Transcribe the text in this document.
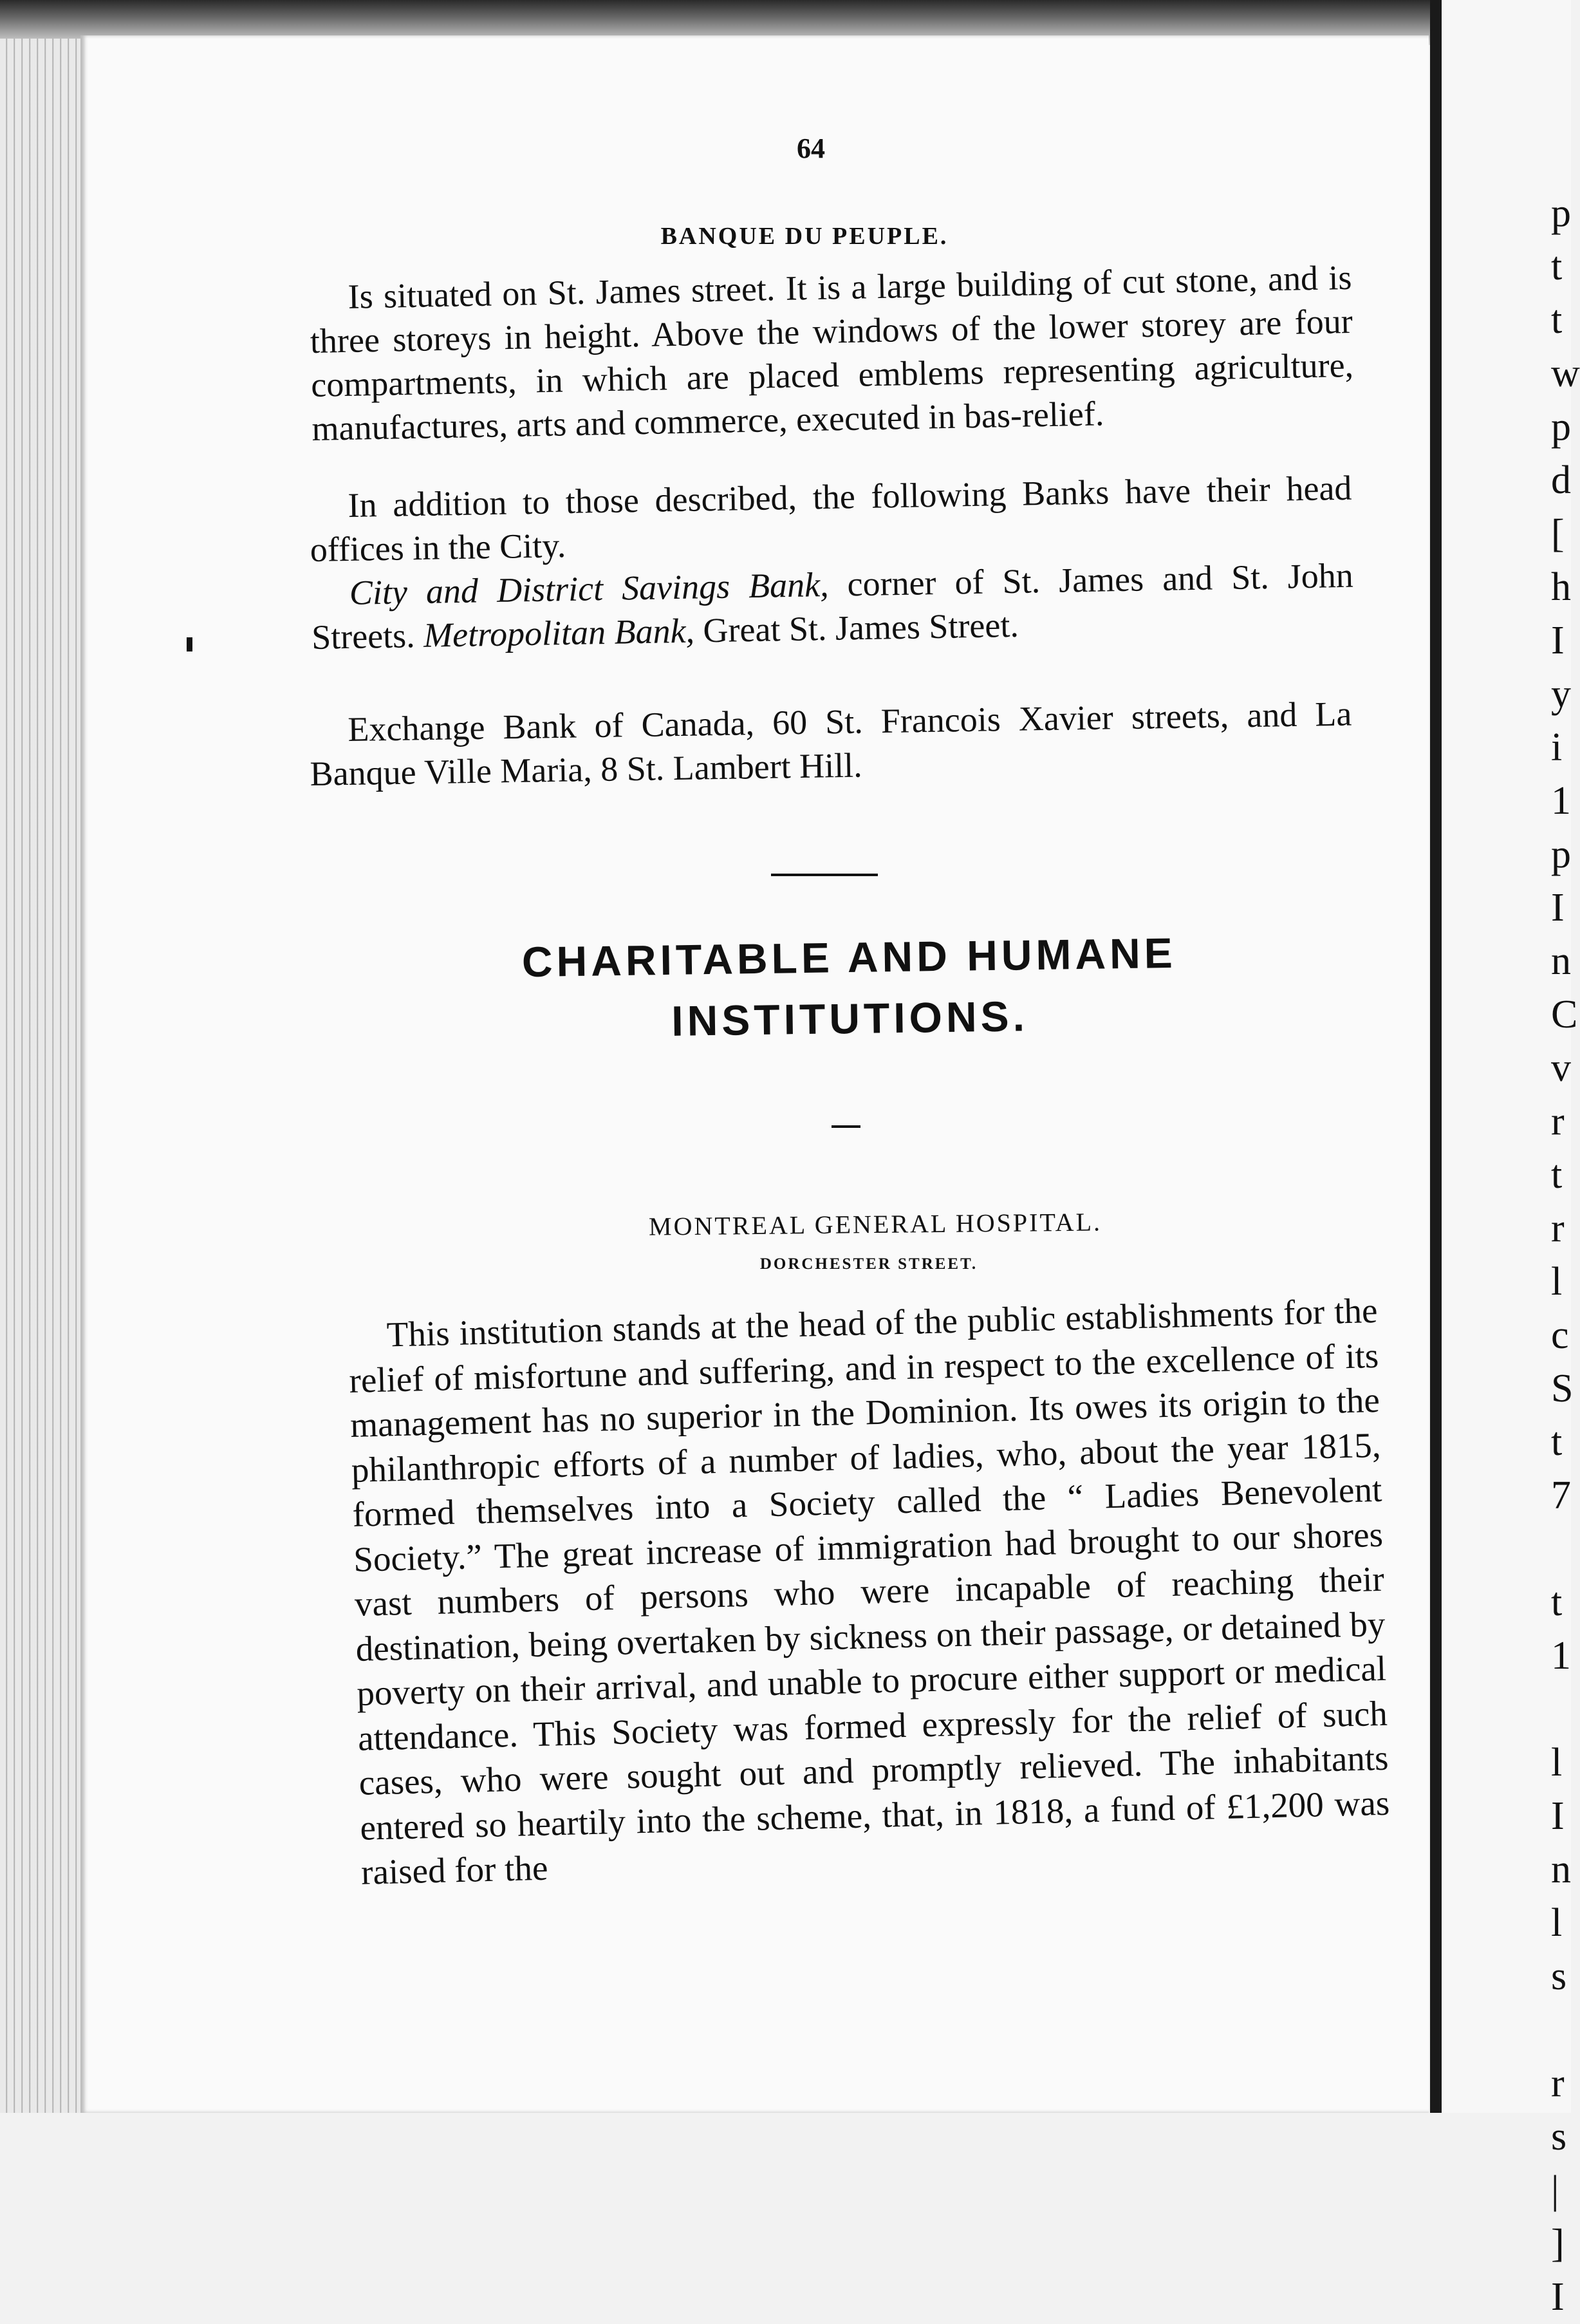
p
t
t
w
p
d
[
h
I
y
i
1
p
I
n
C
v
r
t
r
l
c
S
t
7

t
1

l
I
n
l
s

r
s
|
]
I
64
BANQUE DU PEUPLE.

Is situated on St. James street. It is a large building of cut stone, and is three storeys in height. Above the windows of the lower storey are four compartments, in which are placed emblems representing agriculture, manufactures, arts and commerce, executed in bas-relief.

In addition to those described, the following Banks have their head offices in the City.

City and District Savings Bank, corner of St. James and St. John Streets. Metropolitan Bank, Great St. James Street.

Exchange Bank of Canada, 60 St. Francois Xavier streets, and La Banque Ville Maria, 8 St. Lambert Hill.

CHARITABLE AND HUMANE
INSTITUTIONS.
MONTREAL GENERAL HOSPITAL.
DORCHESTER STREET.

This institution stands at the head of the public establishments for the relief of misfortune and suffering, and in respect to the excellence of its management has no superior in the Dominion. Its owes its origin to the philanthropic efforts of a number of ladies, who, about the year 1815, formed themselves into a Society called the “ Ladies Benevolent Society.” The great increase of immigration had brought to our shores vast numbers of persons who were incapable of reaching their destination, being overtaken by sickness on their passage, or detained by poverty on their arrival, and unable to procure either support or medical attendance. This Society was formed expressly for the relief of such cases, who were sought out and promptly relieved. The inhabitants entered so heartily into the scheme, that, in 1818, a fund of £1,200 was raised for the
